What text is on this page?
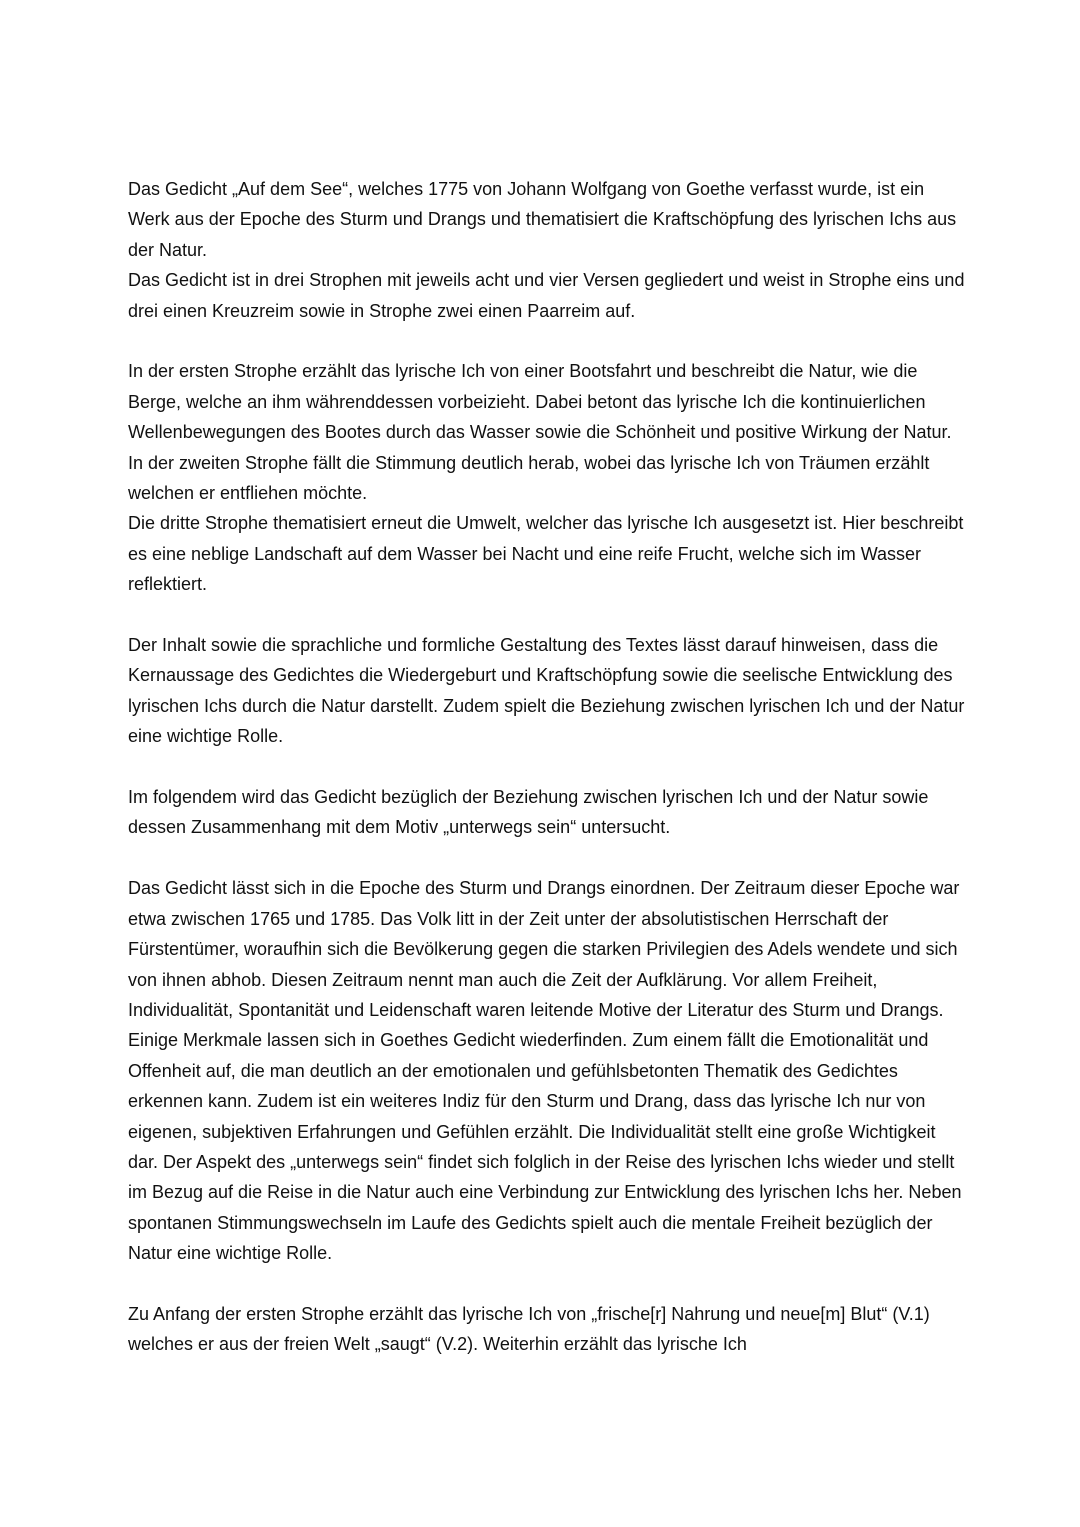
Das Gedicht „Auf dem See“, welches 1775 von Johann Wolfgang von Goethe verfasst wurde, ist ein Werk aus der Epoche des Sturm und Drangs und thematisiert die Kraftschöpfung des lyrischen Ichs aus der Natur.

Das Gedicht ist in drei Strophen mit jeweils acht und vier Versen gegliedert und weist in Strophe eins und drei einen Kreuzreim sowie in Strophe zwei einen Paarreim auf.

In der ersten Strophe erzählt das lyrische Ich von einer Bootsfahrt und beschreibt die Natur, wie die Berge, welche an ihm währenddessen vorbeizieht. Dabei betont das lyrische Ich die kontinuierlichen Wellenbewegungen des Bootes durch das Wasser sowie die Schönheit und positive Wirkung der Natur.

In der zweiten Strophe fällt die Stimmung deutlich herab, wobei das lyrische Ich von Träumen erzählt welchen er entfliehen möchte.

Die dritte Strophe thematisiert erneut die Umwelt, welcher das lyrische Ich ausgesetzt ist. Hier beschreibt es eine neblige Landschaft auf dem Wasser bei Nacht und eine reife Frucht, welche sich im Wasser reflektiert.

Der Inhalt sowie die sprachliche und formliche Gestaltung des Textes lässt darauf hinweisen, dass die Kernaussage des Gedichtes die Wiedergeburt und Kraftschöpfung sowie die seelische Entwicklung des lyrischen Ichs durch die Natur darstellt. Zudem spielt die Beziehung zwischen lyrischen Ich und der Natur eine wichtige Rolle.

Im folgendem wird das Gedicht bezüglich der Beziehung zwischen lyrischen Ich und der Natur sowie dessen Zusammenhang mit dem Motiv „unterwegs sein“ untersucht.

Das Gedicht lässt sich in die Epoche des Sturm und Drangs einordnen. Der Zeitraum dieser Epoche war etwa zwischen 1765 und 1785. Das Volk litt in der Zeit unter der absolutistischen Herrschaft der Fürstentümer, woraufhin sich die Bevölkerung gegen die starken Privilegien des Adels wendete und sich von ihnen abhob. Diesen Zeitraum nennt man auch die Zeit der Aufklärung. Vor allem Freiheit, Individualität, Spontanität und Leidenschaft waren leitende Motive der Literatur des Sturm und Drangs. Einige Merkmale lassen sich in Goethes Gedicht wiederfinden. Zum einem fällt die Emotionalität und Offenheit auf, die man deutlich an der emotionalen und gefühlsbetonten Thematik des Gedichtes erkennen kann. Zudem ist ein weiteres Indiz für den Sturm und Drang, dass das lyrische Ich nur von eigenen, subjektiven Erfahrungen und Gefühlen erzählt. Die Individualität stellt eine große Wichtigkeit dar. Der Aspekt des „unterwegs sein“ findet sich folglich in der Reise des lyrischen Ichs wieder und stellt im Bezug auf die Reise in die Natur auch eine Verbindung zur Entwicklung des lyrischen Ichs her. Neben spontanen Stimmungswechseln im Laufe des Gedichts spielt auch die mentale Freiheit bezüglich der Natur eine wichtige Rolle.

Zu Anfang der ersten Strophe erzählt das lyrische Ich von „frische[r] Nahrung und neue[m] Blut“ (V.1) welches er aus der freien Welt „saugt“ (V.2). Weiterhin erzählt das lyrische Ich
